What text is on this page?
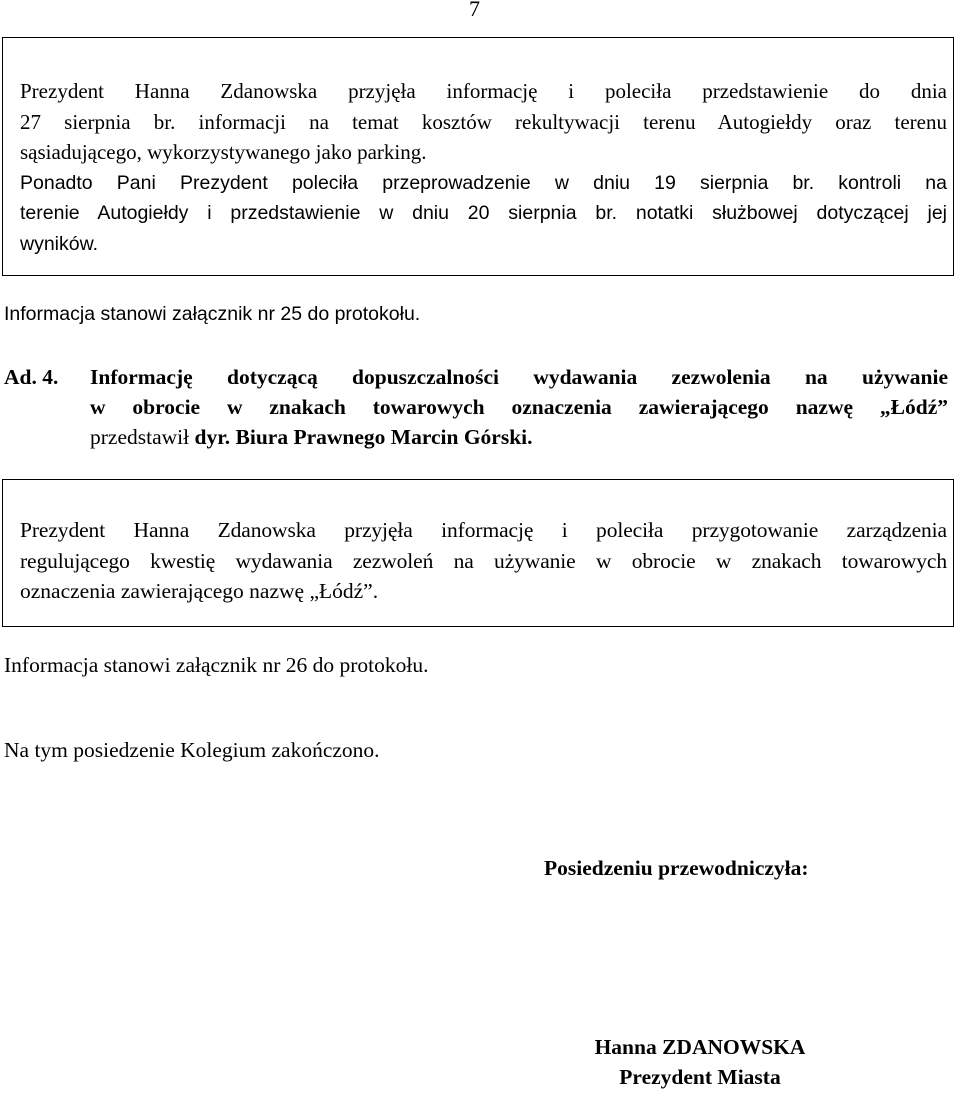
7

Prezydent Hanna Zdanowska przyjęła informację i poleciła przedstawienie do dnia
27 sierpnia br. informacji na temat kosztów rekultywacji terenu Autogiełdy oraz terenu
sąsiadującego, wykorzystywanego jako parking.
Ponadto Pani Prezydent poleciła przeprowadzenie w dniu 19 sierpnia br. kontroli na
terenie Autogiełdy i przedstawienie w dniu 20 sierpnia br. notatki służbowej dotyczącej jej
wyników.

Informacja stanowi załącznik nr 25 do protokołu.

Ad. 4. Informację dotyczącą dopuszczalności wydawania zezwolenia na używanie
w obrocie w znakach towarowych oznaczenia zawierającego nazwę „Łódź”
przedstawił dyr. Biura Prawnego Marcin Górski.

Prezydent Hanna Zdanowska przyjęła informację i poleciła przygotowanie zarządzenia
regulującego kwestię wydawania zezwoleń na używanie w obrocie w znakach towarowych
oznaczenia zawierającego nazwę „Łódź”.

Informacja stanowi załącznik nr 26 do protokołu.

Na tym posiedzenie Kolegium zakończono.

Posiedzeniu przewodniczyła:
Hanna ZDANOWSKA
Prezydent Miasta
